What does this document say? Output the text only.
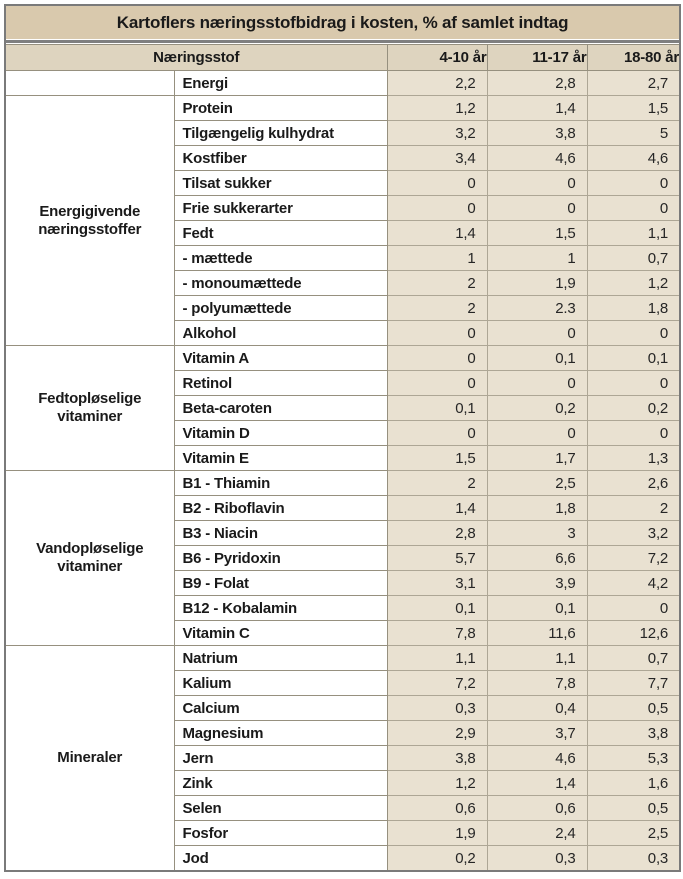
Kartoflers næringsstofbidrag i kosten, % af samlet indtag				

Næringsstof		4-10 år	11-17 år	18-80 år
	Energi	2,2	2,8	2,7
Energigivende næringsstoffer	Protein	1,2	1,4	1,5
	Tilgængelig kulhydrat	3,2	3,8	5
	Kostfiber	3,4	4,6	4,6
	Tilsat sukker	0	0	0
	Frie sukkerarter	0	0	0
	Fedt	1,4	1,5	1,1
	- mættede	1	1	0,7
	- monoumættede	2	1,9	1,2
	- polyumættede	2	2.3	1,8
	Alkohol	0	0	0
Fedtopløselige vitaminer	Vitamin A	0	0,1	0,1
	Retinol	0	0	0
	Beta-caroten	0,1	0,2	0,2
	Vitamin D	0	0	0
	Vitamin E	1,5	1,7	1,3
Vandopløselige vitaminer	B1 - Thiamin	2	2,5	2,6
	B2 - Riboflavin	1,4	1,8	2
	B3 - Niacin	2,8	3	3,2
	B6 - Pyridoxin	5,7	6,6	7,2
	B9 - Folat	3,1	3,9	4,2
	B12 - Kobalamin	0,1	0,1	0
	Vitamin C	7,8	11,6	12,6
Mineraler	Natrium	1,1	1,1	0,7
	Kalium	7,2	7,8	7,7
	Calcium	0,3	0,4	0,5
	Magnesium	2,9	3,7	3,8
	Jern	3,8	4,6	5,3
	Zink	1,2	1,4	1,6
	Selen	0,6	0,6	0,5
	Fosfor	1,9	2,4	2,5
	Jod	0,2	0,3	0,3
